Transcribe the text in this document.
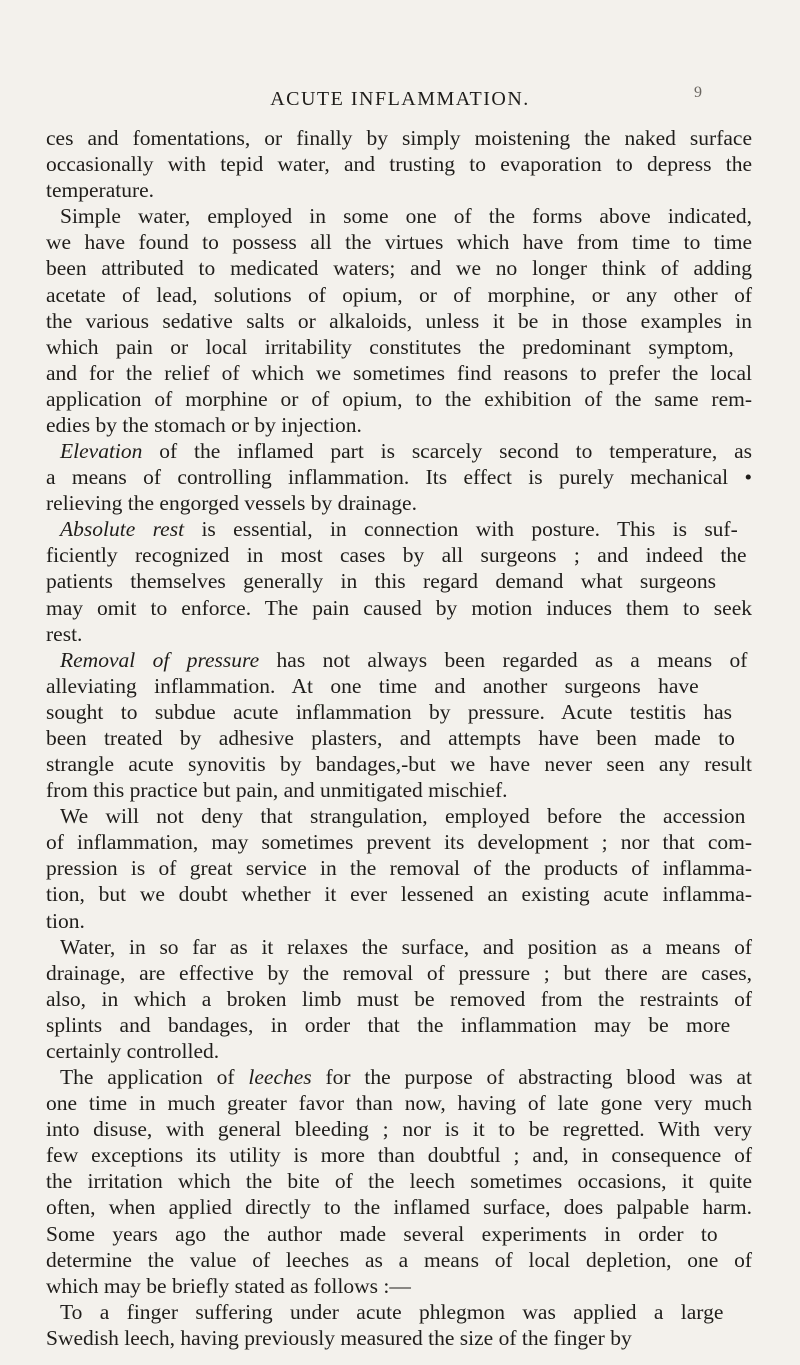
ACUTE INFLAMMATION.	9
ces and fomentations, or finally by simply moistening the naked surface
occasionally with tepid water, and trusting to evaporation to depress the
temperature.
Simple water, employed in some one of the forms above indicated,
we have found to possess all the virtues which have from time to time
been attributed to medicated waters; and we no longer think of adding
acetate of lead, solutions of opium, or of morphine, or any other of
the various sedative salts or alkaloids, unless it be in those examples in
which pain or local irritability constitutes the predominant symptom,
and for the relief of which we sometimes find reasons to prefer the local
application of morphine or of opium, to the exhibition of the same rem-
edies by the stomach or by injection.
Elevation of the inflamed part is scarcely second to temperature, as
a means of controlling inflammation. Its effect is purely mechanical •
relieving the engorged vessels by drainage.
Absolute rest is essential, in connection with posture. This is suf-
ficiently recognized in most cases by all surgeons ; and indeed the
patients themselves generally in this regard demand what surgeons
may omit to enforce. The pain caused by motion induces them to seek
rest.
Removal of pressure has not always been regarded as a means of
alleviating inflammation. At one time and another surgeons have
sought to subdue acute inflammation by pressure. Acute testitis has
been treated by adhesive plasters, and attempts have been made to
strangle acute synovitis by bandages,-but we have never seen any result
from this practice but pain, and unmitigated mischief.
We will not deny that strangulation, employed before the accession
of inflammation, may sometimes prevent its development ; nor that com-
pression is of great service in the removal of the products of inflamma-
tion, but we doubt whether it ever lessened an existing acute inflamma-
tion.
Water, in so far as it relaxes the surface, and position as a means of
drainage, are effective by the removal of pressure ; but there are cases,
also, in which a broken limb must be removed from the restraints of
splints and bandages, in order that the inflammation may be more
certainly controlled.
The application of leeches for the purpose of abstracting blood was at
one time in much greater favor than now, having of late gone very much
into disuse, with general bleeding ; nor is it to be regretted. With very
few exceptions its utility is more than doubtful ; and, in consequence of
the irritation which the bite of the leech sometimes occasions, it quite
often, when applied directly to the inflamed surface, does palpable harm.
Some years ago the author made several experiments in order to
determine the value of leeches as a means of local depletion, one of
which may be briefly stated as follows :—
To a finger suffering under acute phlegmon was applied a large
Swedish leech, having previously measured the size of the finger by
